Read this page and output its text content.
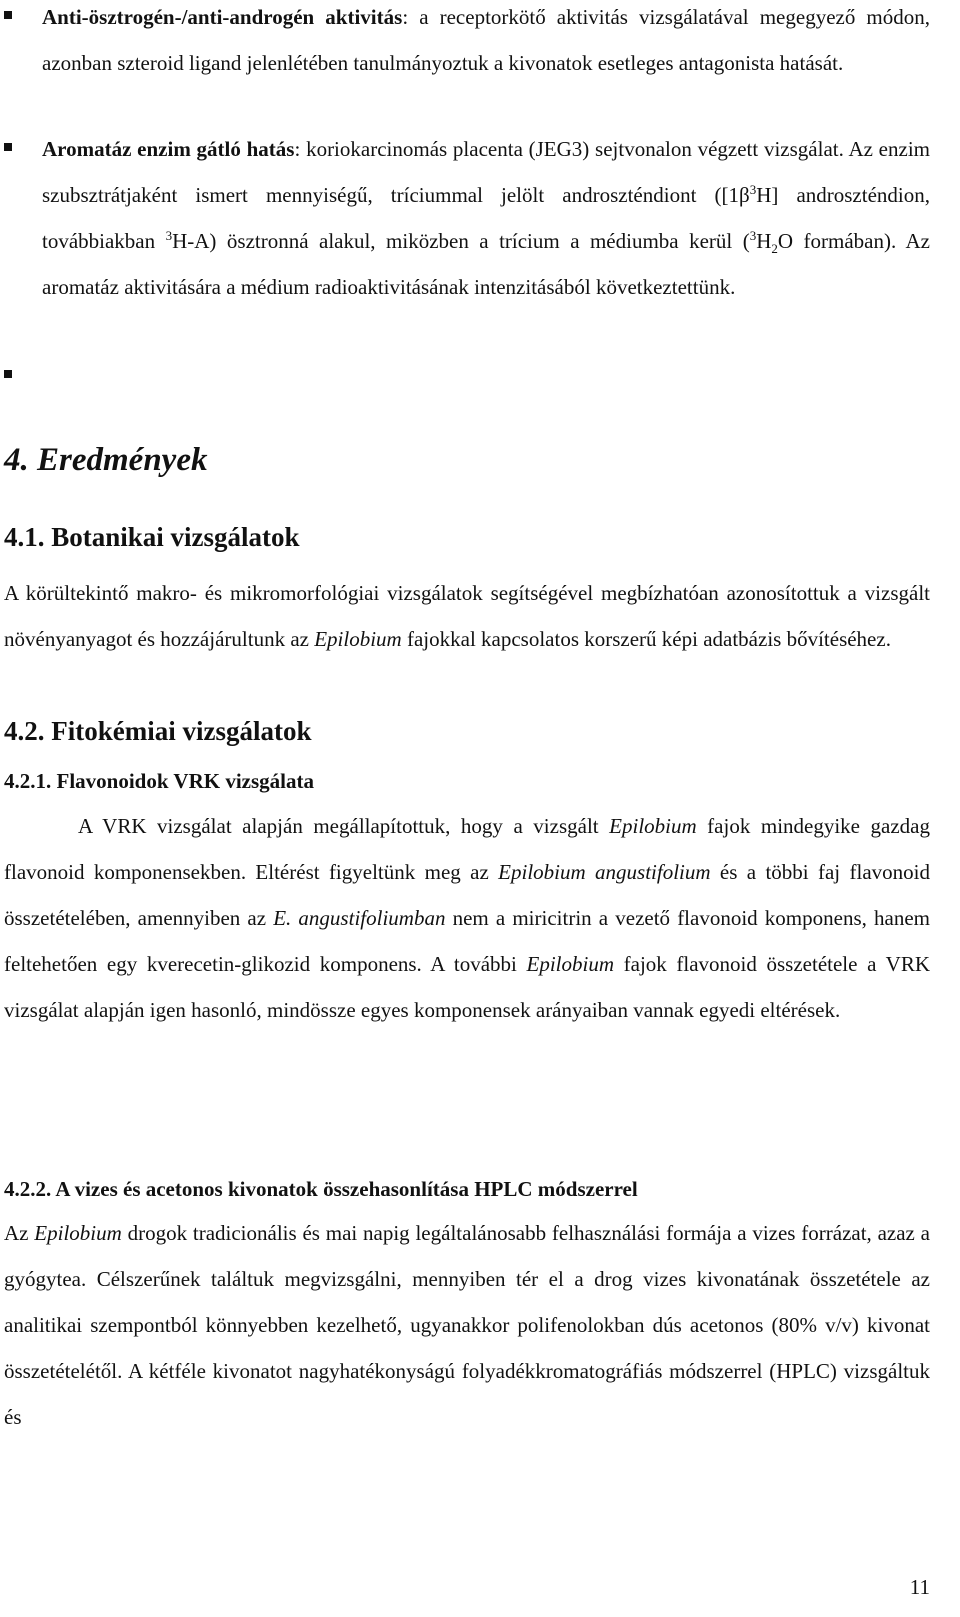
Anti-ösztrogén-/anti-androgén aktivitás: a receptorkötő aktivitás vizsgálatával megegyező módon, azonban szteroid ligand jelenlétében tanulmányoztuk a kivonatok esetleges antagonista hatását.

Aromatáz enzim gátló hatás: koriokarcinomás placenta (JEG3) sejtvonalon végzett vizsgálat. Az enzim szubsztrátjaként ismert mennyiségű, tríciummal jelölt androszténdiont ($[1\beta^3H]$ androszténdion, továbbiakban $^3$H-A) ösztronná alakul, miközben a trícium a médiumba kerül ($^3H_2O$ formában). Az aromatáz aktivitására a médium radioaktivitásának intenzitásából következtettünk.

4. Eredmények
4.1. Botanikai vizsgálatok

A körültekintő makro- és mikromorfológiai vizsgálatok segítségével megbízhatóan azonosítottuk a vizsgált növényanyagot és hozzájárultunk az Epilobium fajokkal kapcsolatos korszerű képi adatbázis bővítéséhez.

4.2. Fitokémiai vizsgálatok
4.2.1. Flavonoidok VRK vizsgálata

A VRK vizsgálat alapján megállapítottuk, hogy a vizsgált Epilobium fajok mindegyike gazdag flavonoid komponensekben. Eltérést figyeltünk meg az Epilobium angustifolium és a többi faj flavonoid összetételében, amennyiben az E. angustifoliumban nem a miricitrin a vezető flavonoid komponens, hanem feltehetően egy kverecetin-glikozid komponens. A további Epilobium fajok flavonoid összetétele a VRK vizsgálat alapján igen hasonló, mindössze egyes komponensek arányaiban vannak egyedi eltérések.

4.2.2. A vizes és acetonos kivonatok összehasonlítása HPLC módszerrel

Az Epilobium drogok tradicionális és mai napig legáltalánosabb felhasználási formája a vizes forrázat, azaz a gyógytea. Célszerűnek találtuk megvizsgálni, mennyiben tér el a drog vizes kivonatának összetétele az analitikai szempontból könnyebben kezelhető, ugyanakkor polifenolokban dús acetonos (80% v/v) kivonat összetételétől. A kétféle kivonatot nagyhatékonyságú folyadékkromatográfiás módszerrel (HPLC) vizsgáltuk és

11
